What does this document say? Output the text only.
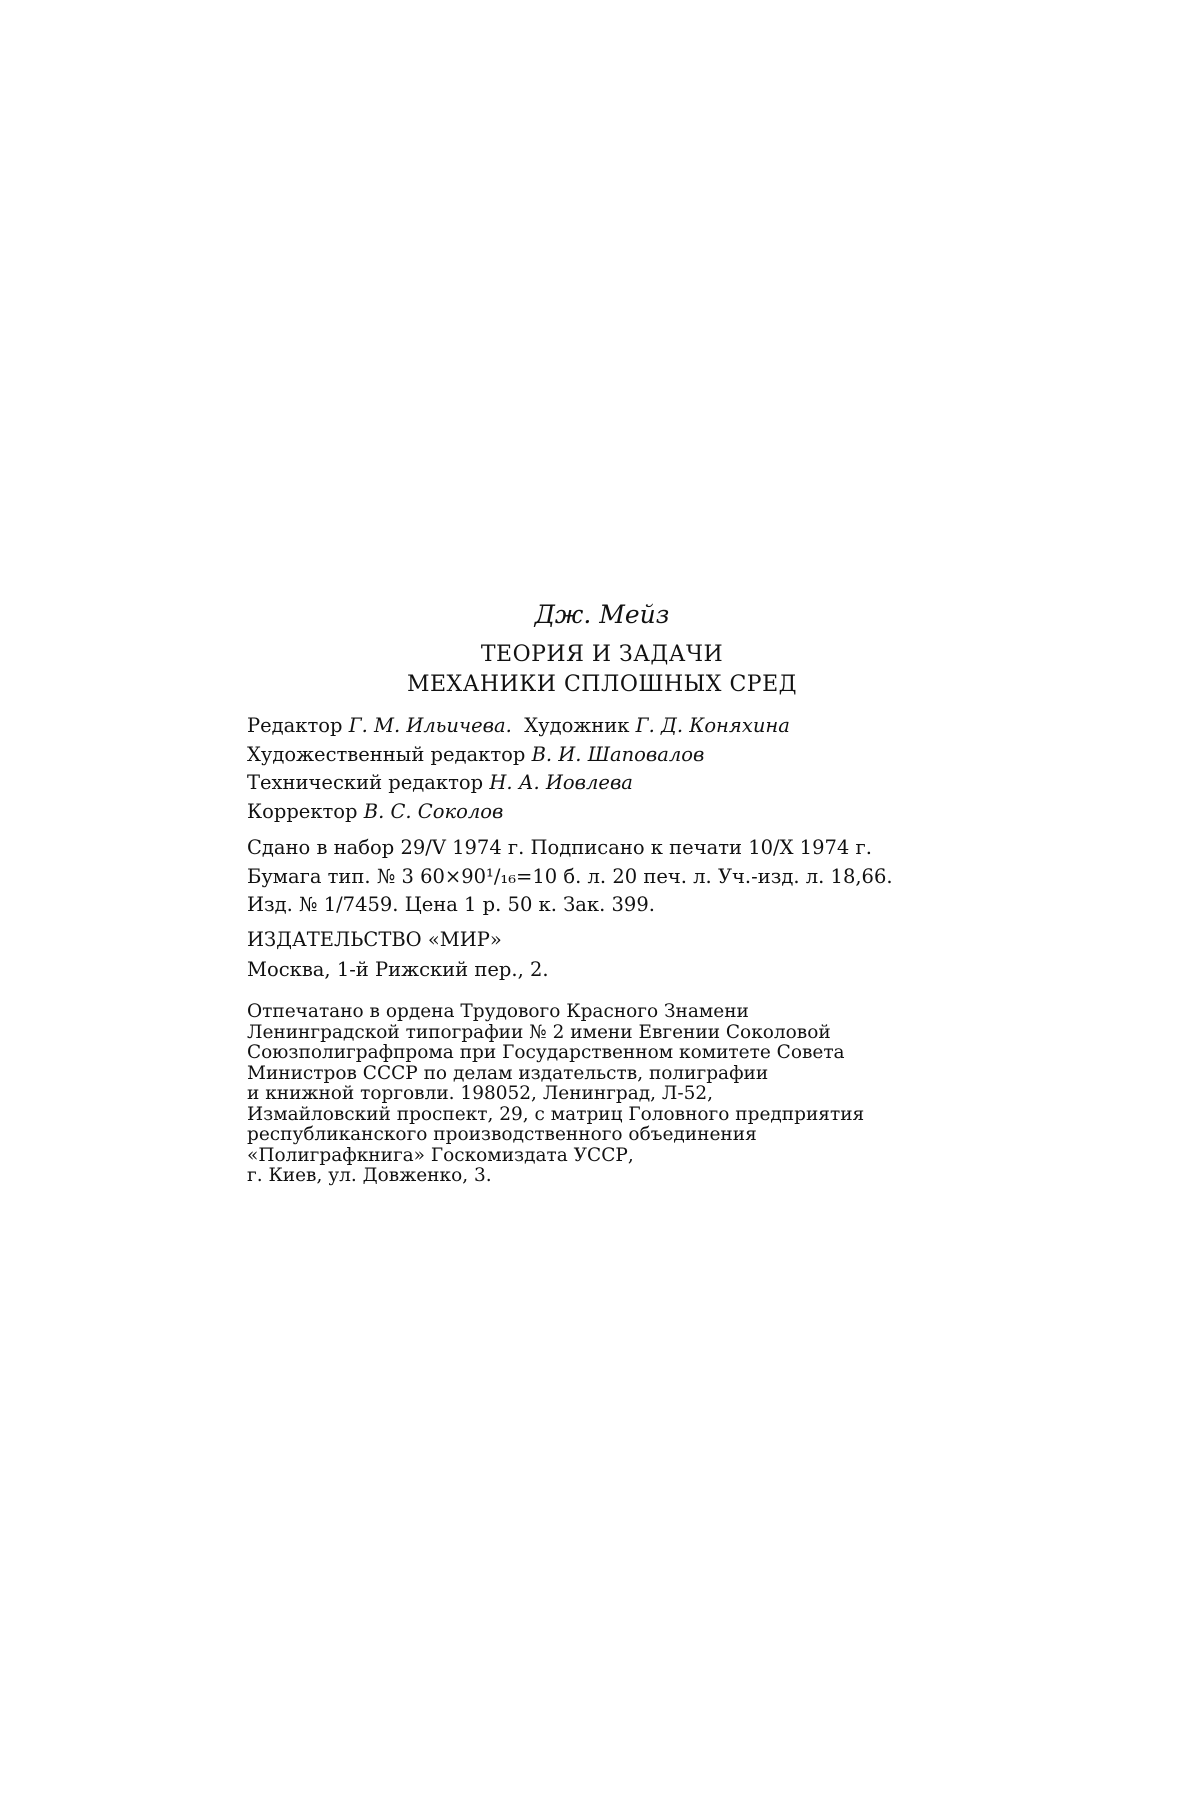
Дж. Мейз
ТЕОРИЯ И ЗАДАЧИ
МЕХАНИКИ СПЛОШНЫХ СРЕД
Редактор Г. М. Ильичева. Художник Г. Д. Коняхина
Художественный редактор В. И. Шаповалов
Технический редактор Н. А. Иовлева
Корректор В. С. Соколов
Сдано в набор 29/V 1974 г. Подписано к печати 10/X 1974 г.
Бумага тип. № 3 60×90¹/₁₆=10 б. л. 20 печ. л. Уч.-изд. л. 18,66.
Изд. № 1/7459. Цена 1 р. 50 к. Зак. 399.
ИЗДАТЕЛЬСТВО «МИР»
Москва, 1-й Рижский пер., 2.
Отпечатано в ордена Трудового Красного Знамени
Ленинградской типографии № 2 имени Евгении Соколовой
Союзполиграфпрома при Государственном комитете Совета
Министров СССР по делам издательств, полиграфии
и книжной торговли. 198052, Ленинград, Л-52,
Измайловский проспект, 29, с матриц Головного предприятия
республиканского производственного объединения
«Полиграфкнига» Госкомиздата УССР,
г. Киев, ул. Довженко, 3.
